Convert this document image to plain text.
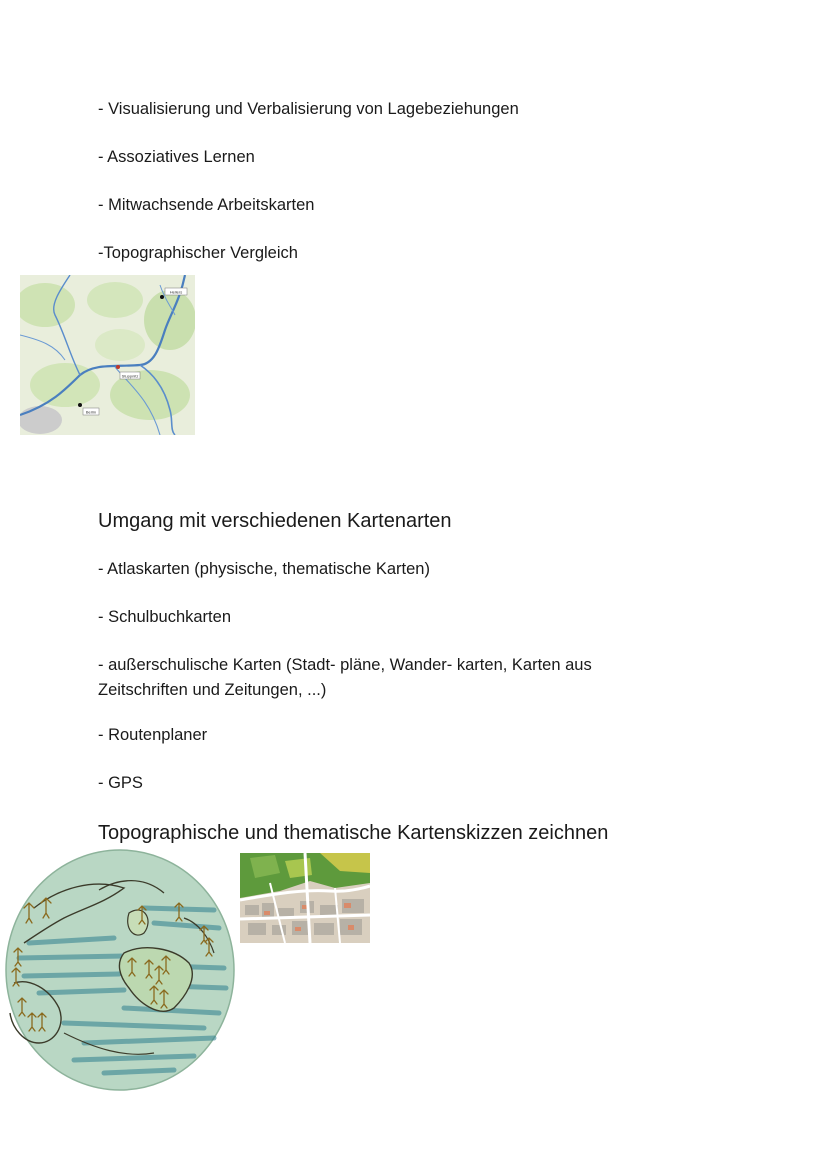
- Visualisierung und Verbalisierung von Lagebeziehungen
- Assoziatives Lernen
- Mitwachsende Arbeitskarten
-Topographischer Vergleich
Hellers
Stuppnitz
Berlin
Umgang mit verschiedenen Kartenarten
- Atlaskarten (physische, thematische Karten)
- Schulbuchkarten
- außerschulische Karten (Stadt- pläne, Wander- karten, Karten aus Zeitschriften und Zeitungen, ...)
- Routenplaner
- GPS
Topographische und thematische Kartenskizzen zeichnen
